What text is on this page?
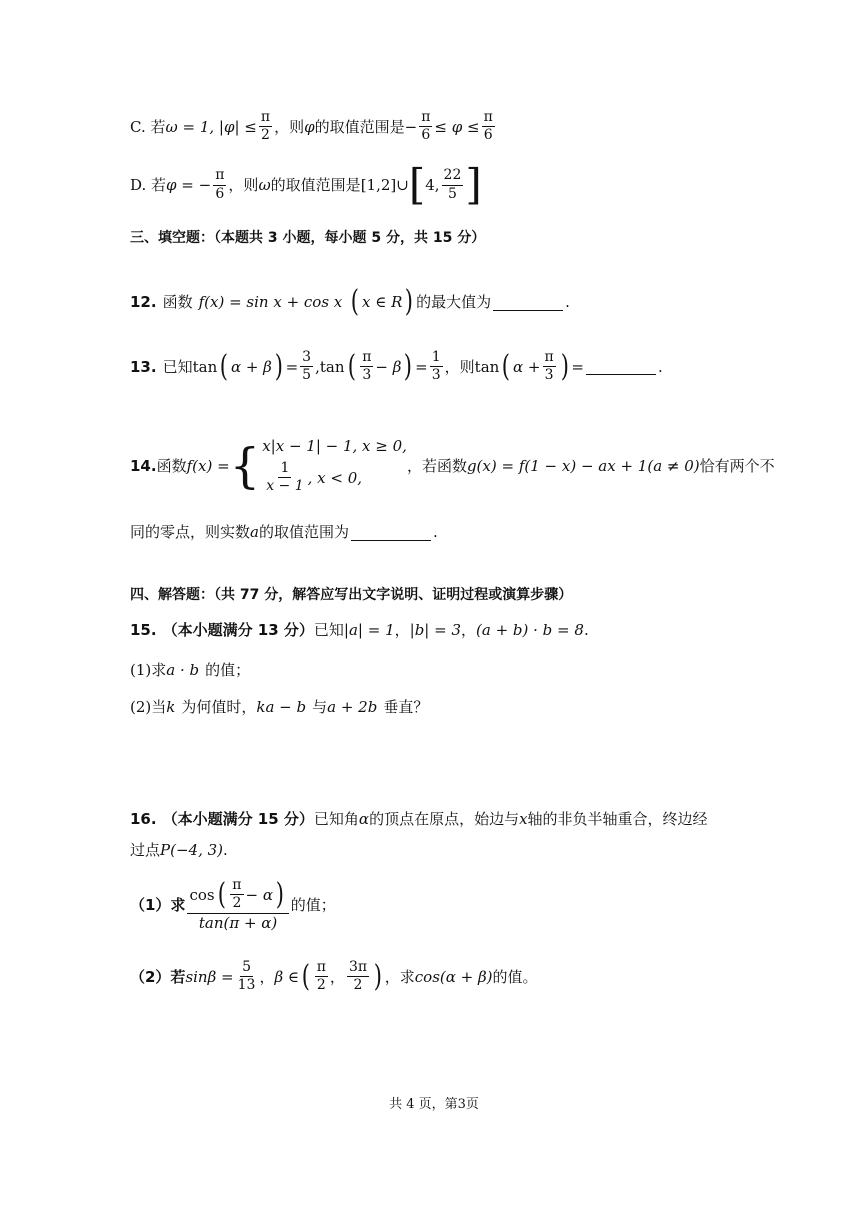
C. 若 ω = 1, $|\varphi| \le \frac{\pi}{2}$ ，则 φ 的取值范围是 − $\frac{\pi}{6} \le \varphi \le \frac{\pi}{6}$
D. 若 φ = − $\frac{\pi}{6}$ ，则 ω 的取值范围是 [1,2] ∪ [ 4, $\frac{22}{5}$ ]
三、填空题：（本题共 3 小题，每小题 5 分，共 15 分）
12. 函数 f(x) = sin x + cos x ( x ∈ R ) 的最大值为	.
13. 已知 tan ( α + β ) = $\frac{3}{5}$ , tan ( $\frac{\pi}{3} - \beta$ ) = $\frac{1}{3}$ ，则 tan ( $\alpha + \frac{\pi}{3}$ ) =	.
14. 函数 f(x) = { x|x − 1| − 1, x ≥ 0,
$\frac{1}{x - 1}$ , x < 0,
，若函数 g(x) = f(1 − x) − ax + 1(a ≠ 0) 恰有两个不
同的零点，则实数 a 的取值范围为	.
四、解答题：（共 77 分，解答应写出文字说明、证明过程或演算步骤）
15. （本小题满分 13 分） 已知 |a| = 1 ， |b| = 3 ， (a + b) · b = 8 .
(1)求 a · b 的值；
(2)当 k 为何值时， ka − b 与 a + 2b 垂直？
16. （本小题满分 15 分） 已知角 α 的顶点在原点，始边与 x 轴的非负半轴重合，终边经
过点 P(−4, 3) .
（1）求 $\frac{\cos ( \frac{\pi}{2} - \alpha )}{\tan(\pi + \alpha)}$ 的值；
（2）若 $\sin\beta = \frac{5}{13}$ ， β ∈ ( $\frac{\pi}{2}$ ， $\frac{3\pi}{2}$ ) ，求 cos(α + β) 的值。
共 4 页，第3页
